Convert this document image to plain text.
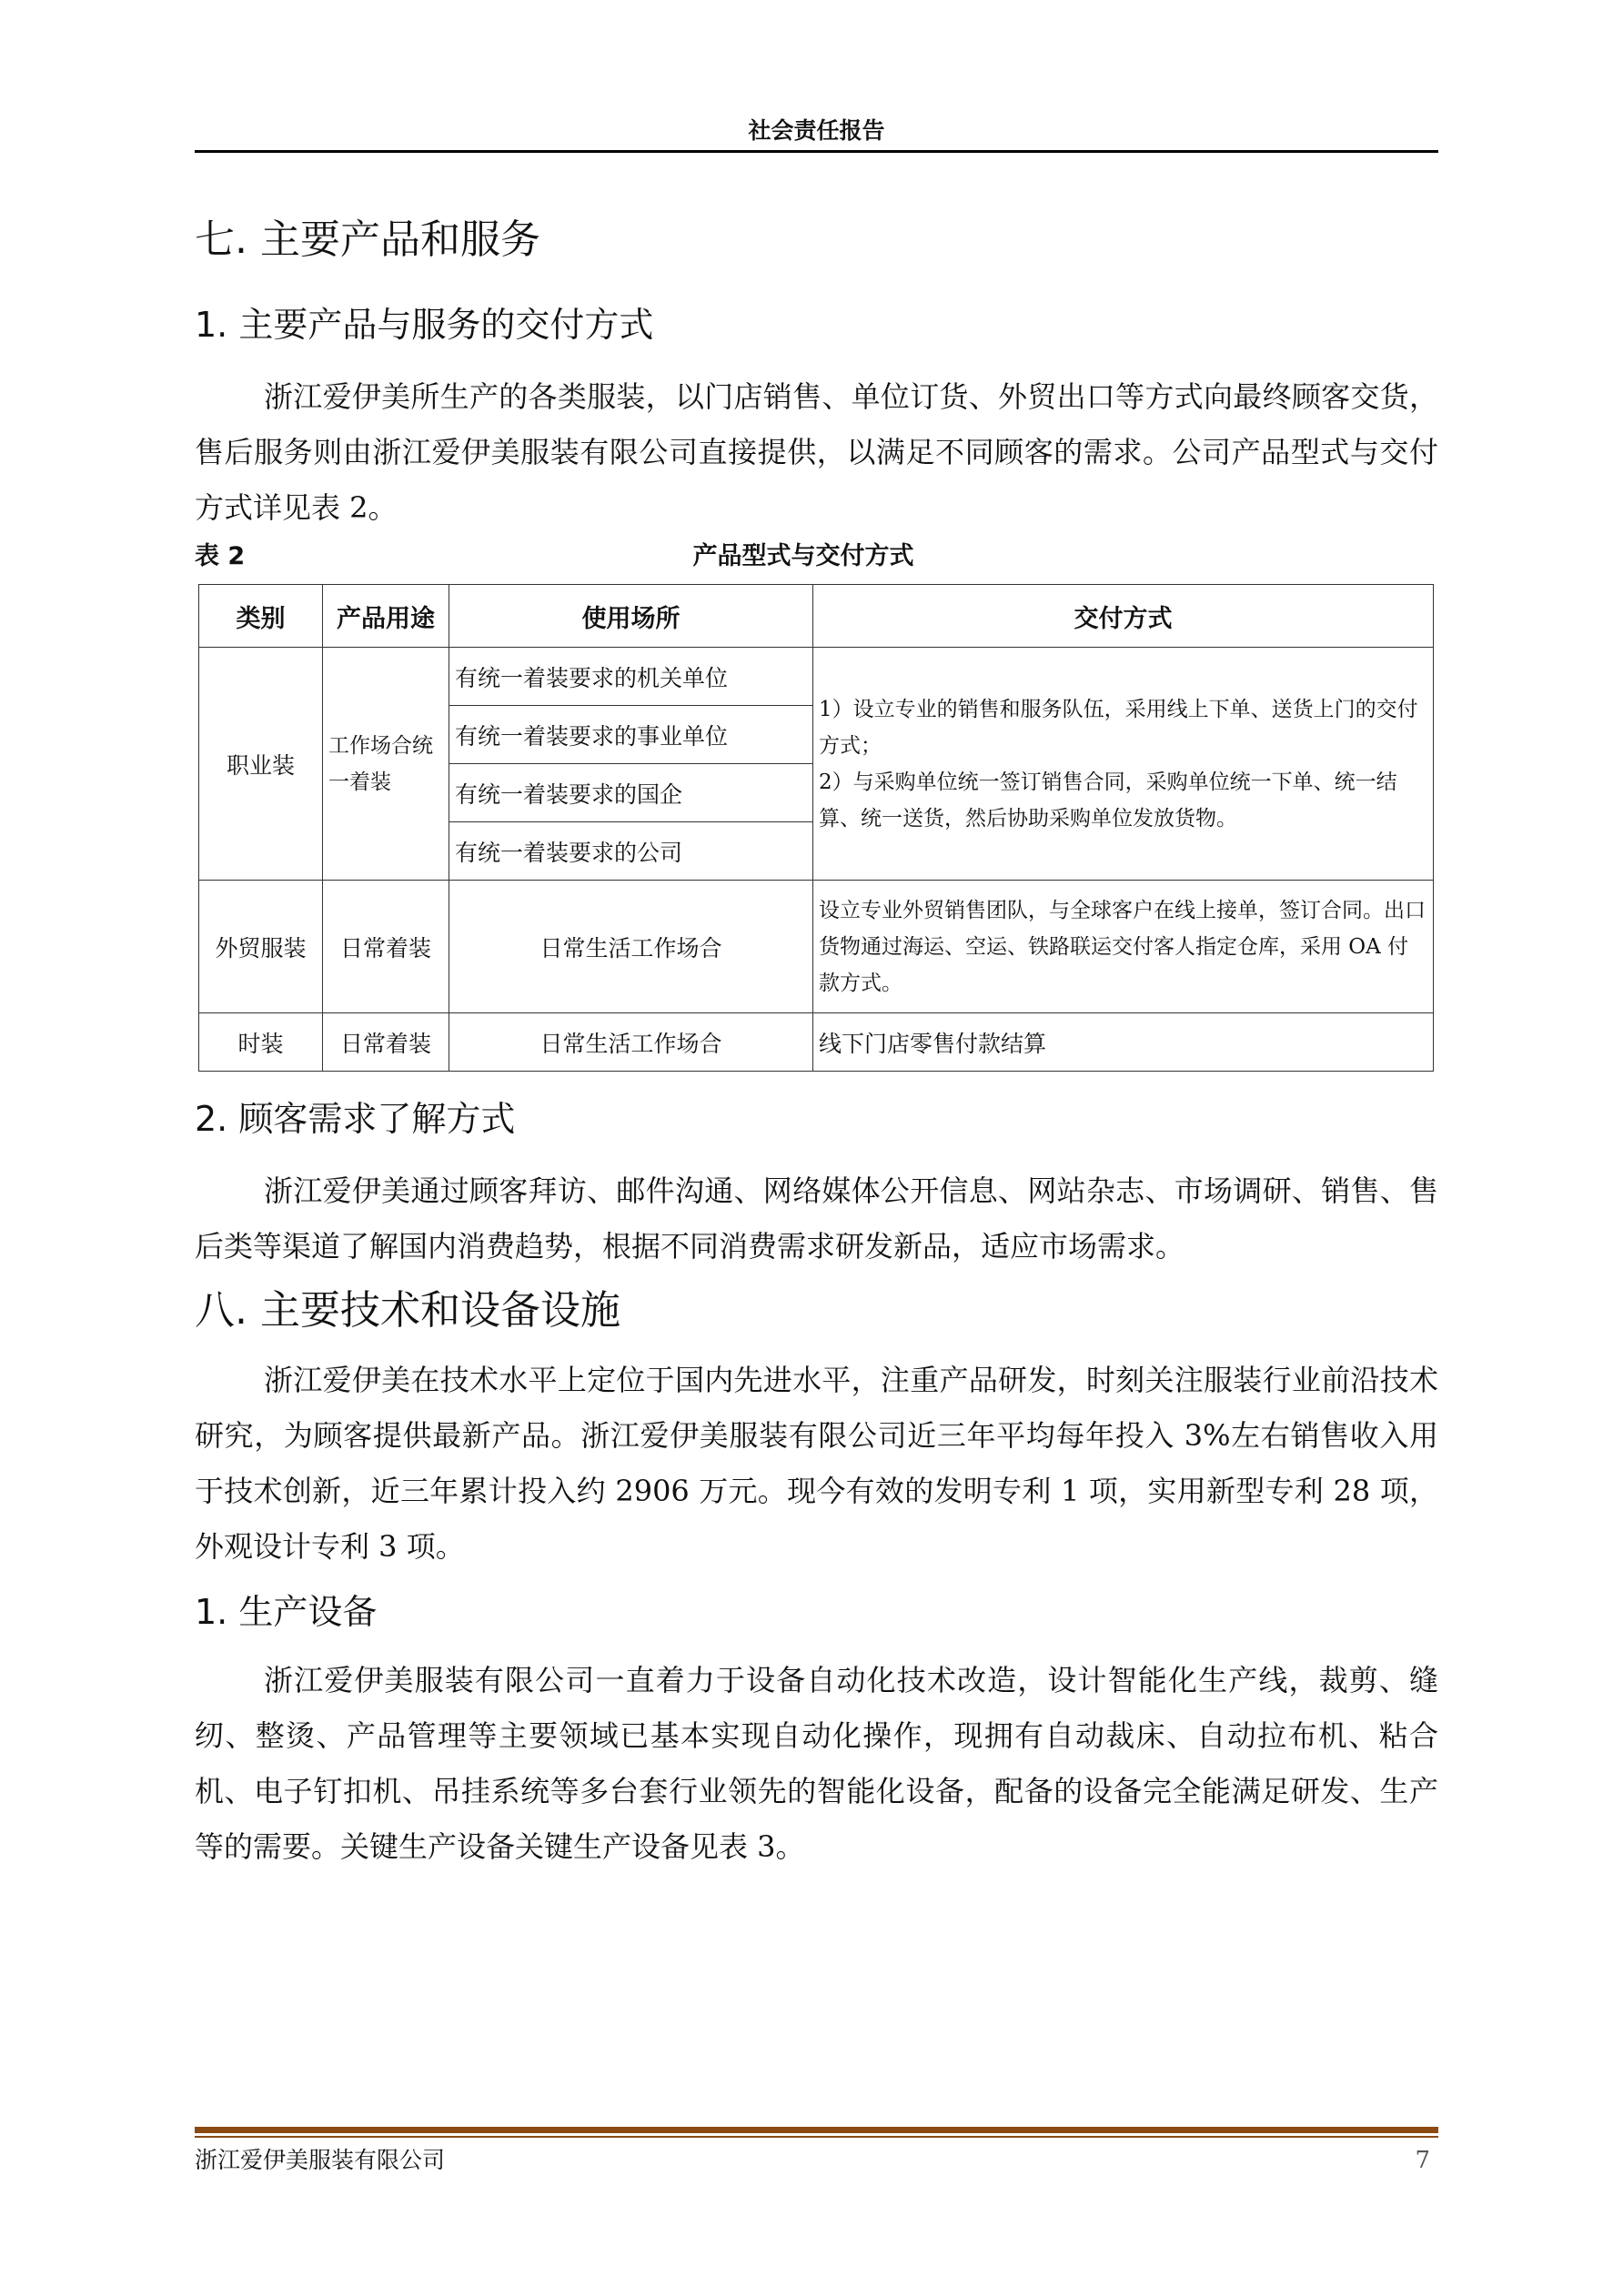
社会责任报告
七. 主要产品和服务
1. 主要产品与服务的交付方式

浙江爱伊美所生产的各类服装，以门店销售、单位订货、外贸出口等方式向最终顾客交货，售后服务则由浙江爱伊美服装有限公司直接提供，以满足不同顾客的需求。公司产品型式与交付方式详见表 2。

表 2	产品型式与交付方式
类别	产品用途	使用场所	交付方式
职业装	工作场合统一着装	有统一着装要求的机关单位	1）设立专业的销售和服务队伍，采用线上下单、送货上门的交付方式；
2）与采购单位统一签订销售合同，采购单位统一下单、统一结算、统一送货，然后协助采购单位发放货物。

		有统一着装要求的事业单位	
		有统一着装要求的国企	
		有统一着装要求的公司	
外贸服装	日常着装	日常生活工作场合	设立专业外贸销售团队，与全球客户在线上接单，签订合同。出口货物通过海运、空运、铁路联运交付客人指定仓库，采用 OA 付款方式。
时装	日常着装	日常生活工作场合	线下门店零售付款结算
2. 顾客需求了解方式

浙江爱伊美通过顾客拜访、邮件沟通、网络媒体公开信息、网站杂志、市场调研、销售、售后类等渠道了解国内消费趋势，根据不同消费需求研发新品，适应市场需求。

八. 主要技术和设备设施

浙江爱伊美在技术水平上定位于国内先进水平，注重产品研发，时刻关注服装行业前沿技术研究，为顾客提供最新产品。浙江爱伊美服装有限公司近三年平均每年投入 3%左右销售收入用于技术创新，近三年累计投入约 2906 万元。现今有效的发明专利 1 项，实用新型专利 28 项，外观设计专利 3 项。

1. 生产设备

浙江爱伊美服装有限公司一直着力于设备自动化技术改造，设计智能化生产线，裁剪、缝纫、整烫、产品管理等主要领域已基本实现自动化操作，现拥有自动裁床、自动拉布机、粘合机、电子钉扣机、吊挂系统等多台套行业领先的智能化设备，配备的设备完全能满足研发、生产等的需要。关键生产设备关键生产设备见表 3。

浙江爱伊美服装有限公司	7
